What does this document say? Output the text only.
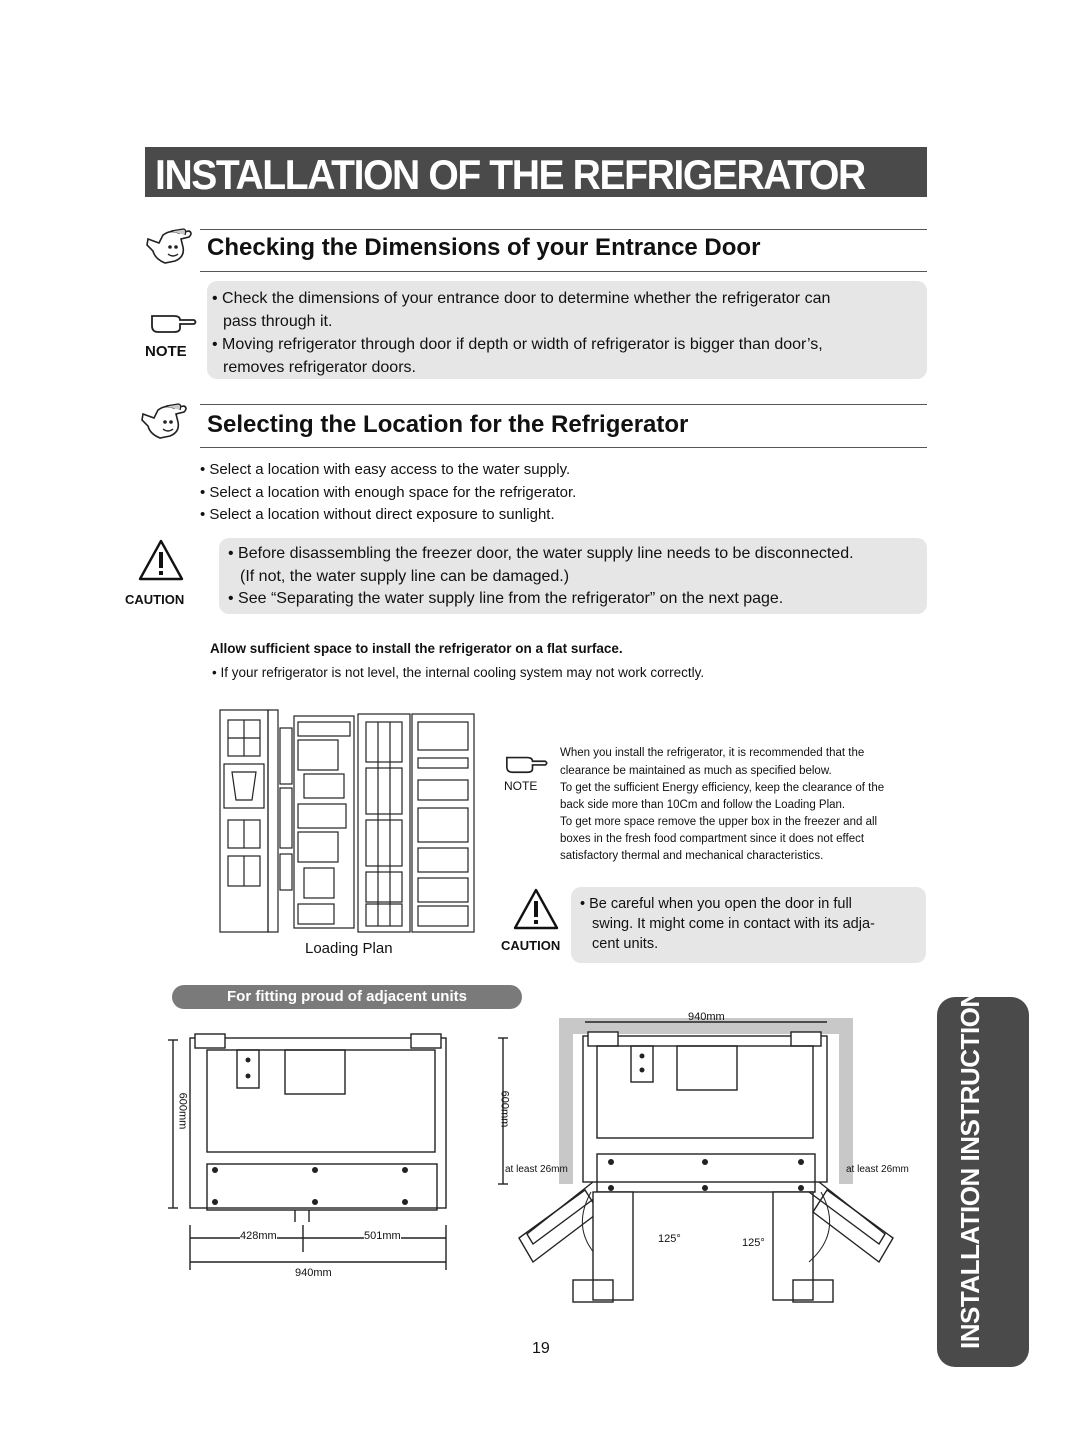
INSTALLATION OF THE REFRIGERATOR
Checking the Dimensions of your Entrance Door
NOTE
• Check the dimensions of your entrance door to determine whether the refrigerator can
pass through it.
• Moving refrigerator through door if depth or width of refrigerator is bigger than door’s,
removes refrigerator doors.
Selecting the Location for the Refrigerator
• Select a location with easy access to the water supply.
• Select a location with enough space for the refrigerator.
• Select a location without direct exposure to sunlight.
CAUTION
• Before disassembling the freezer door, the water supply line needs to be disconnected.
(If not, the water supply line can be damaged.)
• See “Separating the water supply line from the refrigerator” on the next page.
Allow sufficient space to install the refrigerator on a flat surface.
• If your refrigerator is not level, the internal cooling system may not work correctly.
Loading Plan
NOTE
When you install the refrigerator, it is recommended that the
clearance be maintained as much as specified below.
To get the sufficient Energy efficiency, keep the clearance of the
back side more than 10Cm and follow the Loading Plan.
To get more space remove the upper box in the freezer and all
boxes in the fresh food compartment since it does not effect
satisfactory thermal and mechanical characteristics.
CAUTION
• Be careful when you open the door in full
swing. It might come in contact with its adja-
cent units.
For fitting proud of adjacent units
600mm
428mm	501mm
940mm
940mm
600mm
at least 26mm	at least 26mm
125°	125°	INSTALLATION INSTRUCTIONS
19
